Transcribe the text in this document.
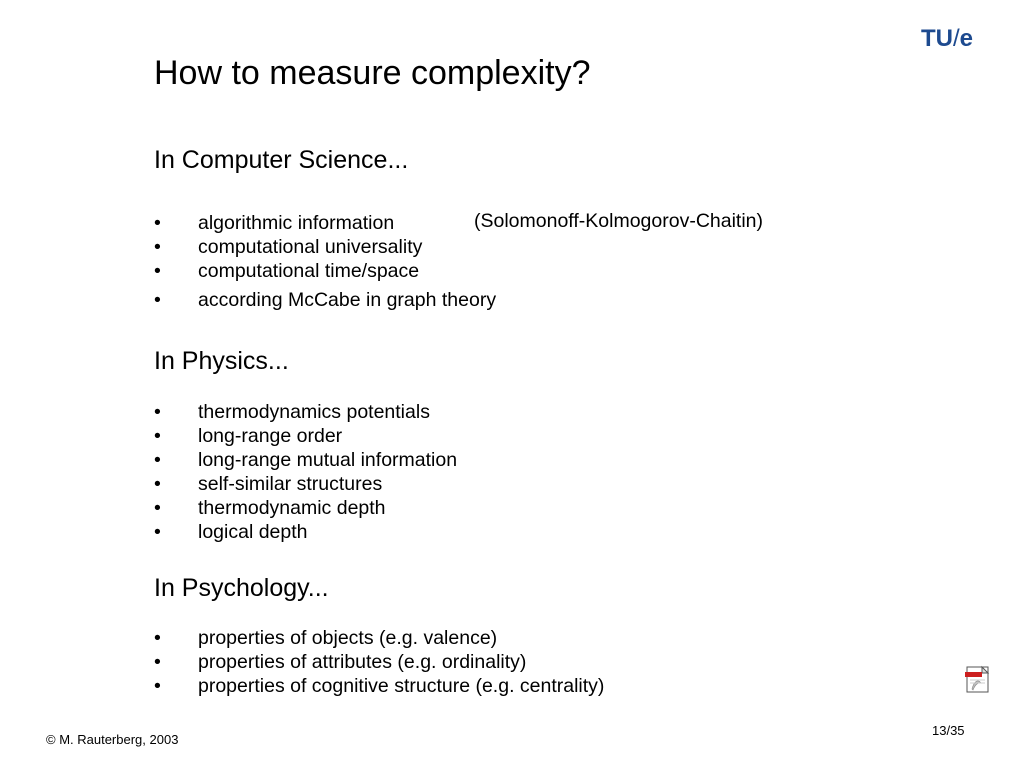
TU/e
How to measure complexity?
In Computer Science...
•	algorithmic information
•	computational universality
•	computational time/space
•	according McCabe in graph theory
(Solomonoff-Kolmogorov-Chaitin)
In Physics...
•	thermodynamics potentials
•	long-range order
•	long-range mutual information
•	self-similar structures
•	thermodynamic depth
•	logical depth
In Psychology...
•	properties of objects (e.g. valence)
•	properties of attributes (e.g. ordinality)
•	properties of cognitive structure (e.g. centrality)
13/35
© M. Rauterberg, 2003
